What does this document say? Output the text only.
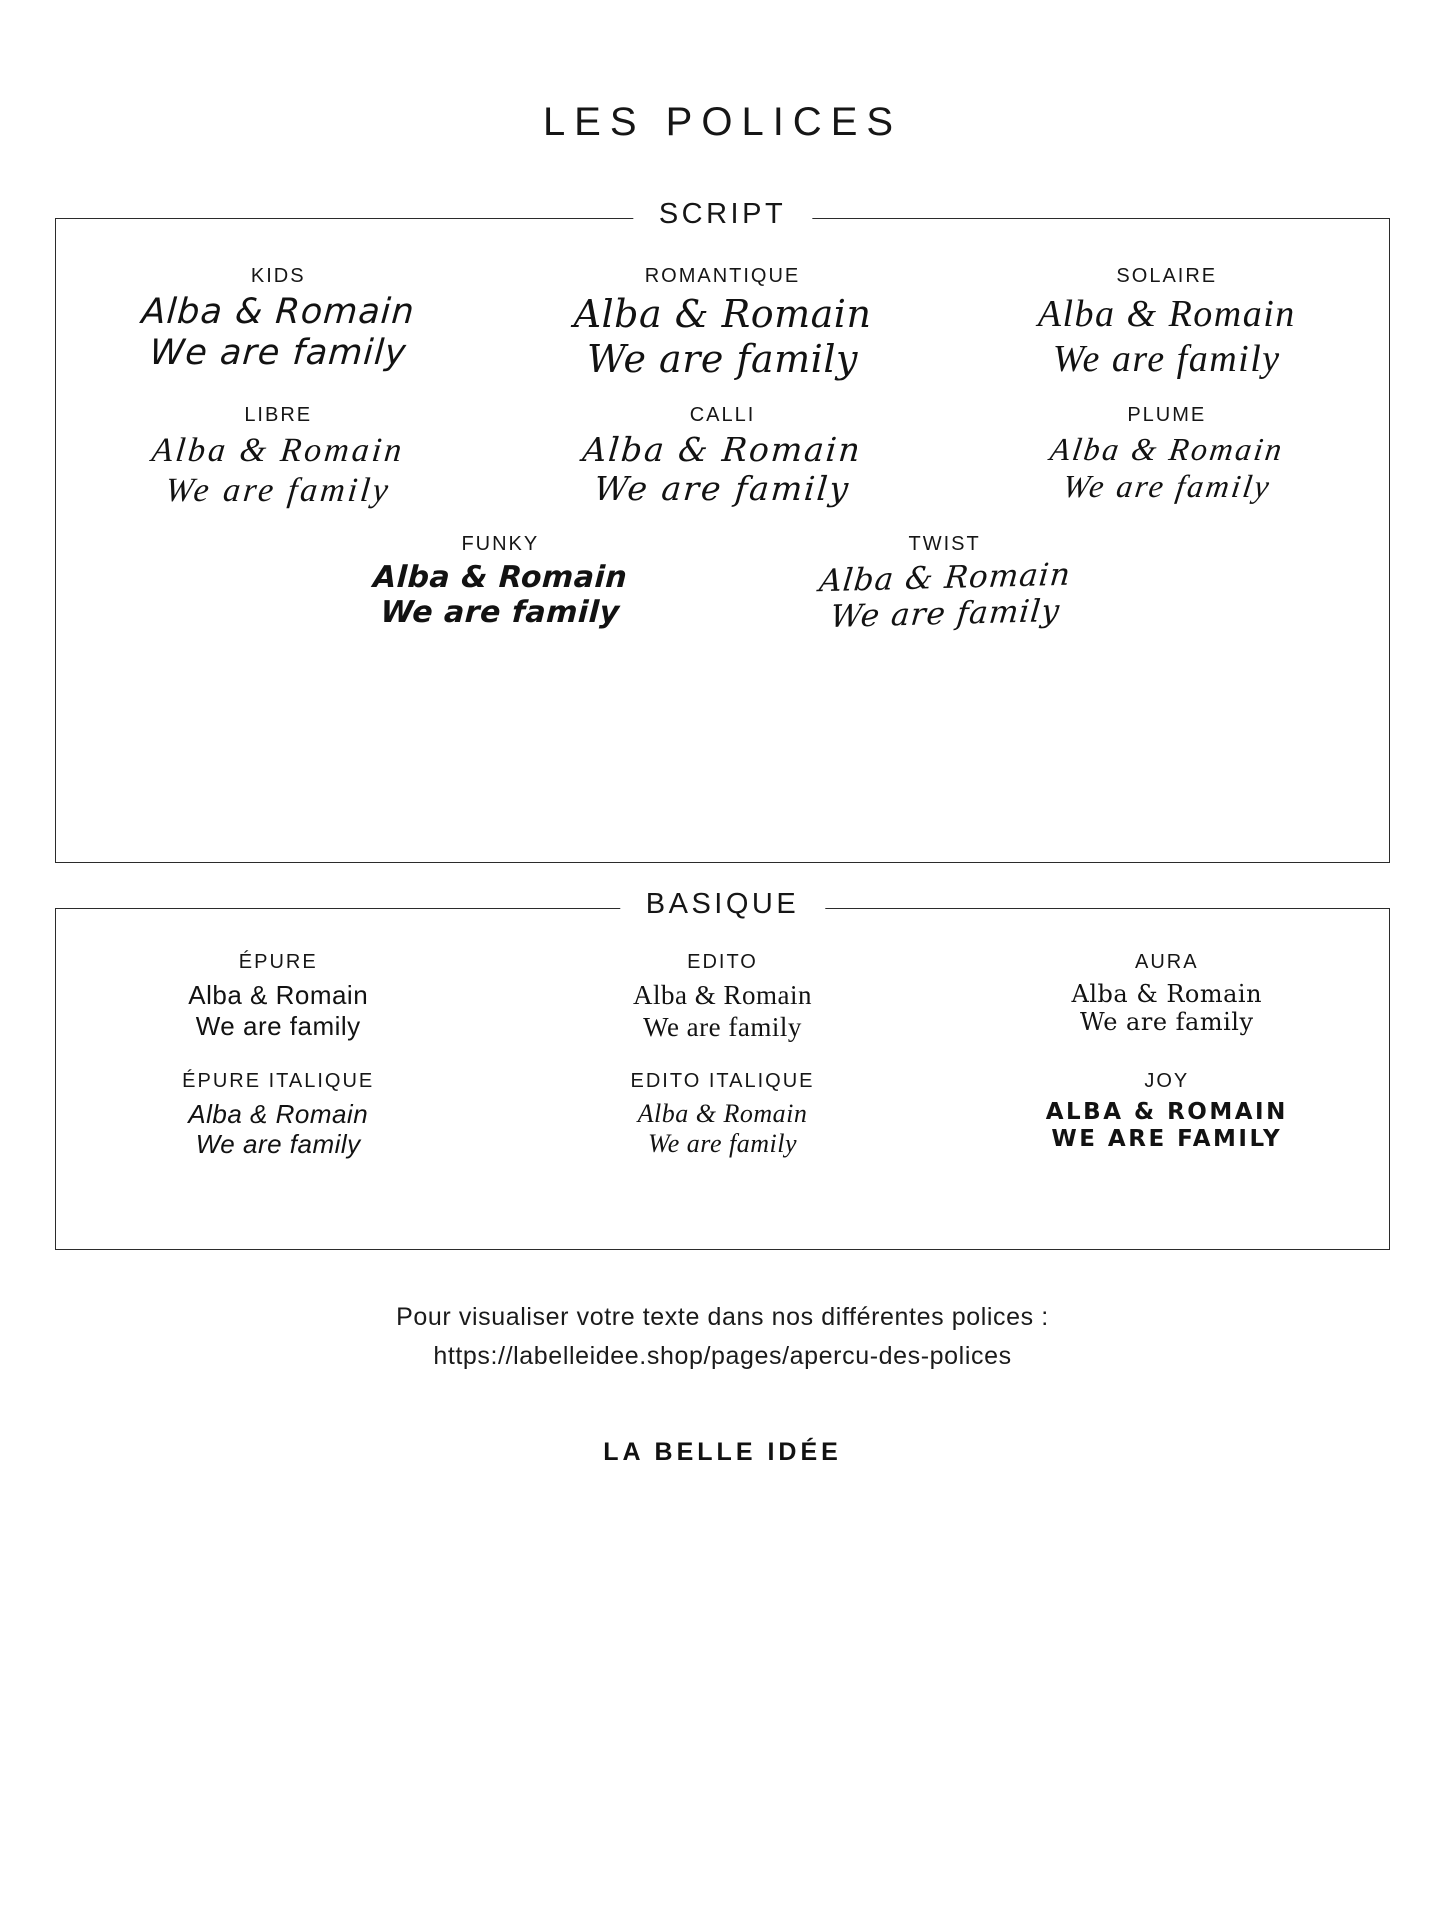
LES POLICES
SCRIPT
KIDS
Alba & Romain
We are family
ROMANTIQUE
Alba & Romain
We are family
SOLAIRE
Alba & Romain
We are family
LIBRE
Alba & Romain
We are family
CALLI
Alba & Romain
We are family
PLUME
Alba & Romain
We are family
FUNKY
Alba & Romain
We are family
TWIST
Alba & Romain
We are family
BASIQUE
ÉPURE
Alba & Romain
We are family
EDITO
Alba & Romain
We are family
AURA
Alba & Romain
We are family
ÉPURE ITALIQUE
Alba & Romain
We are family
EDITO ITALIQUE
Alba & Romain
We are family
JOY
ALBA & ROMAIN
WE ARE FAMILY
Pour visualiser votre texte dans nos différentes polices :
https://labelleidee.shop/pages/apercu-des-polices
LA BELLE IDÉE
